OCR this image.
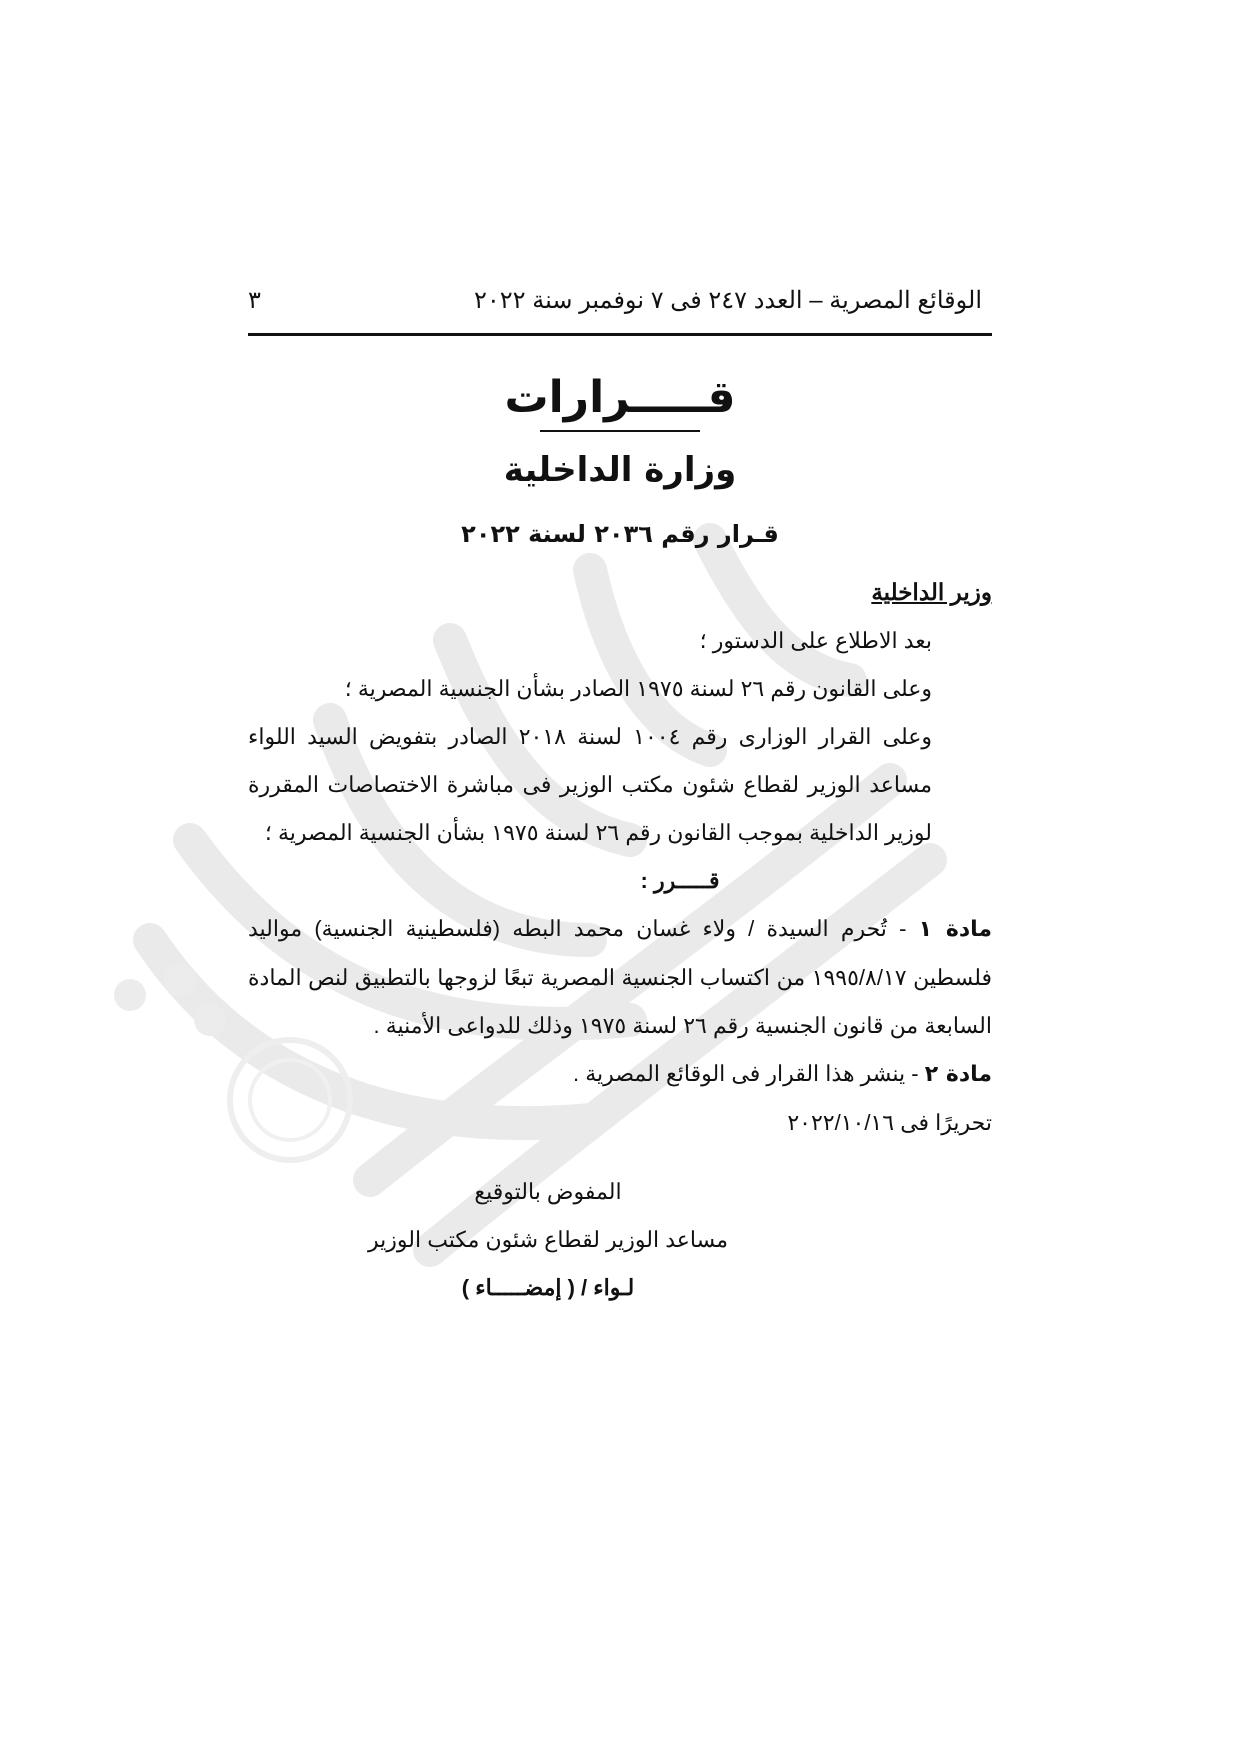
الوقائع المصرية – العدد ٢٤٧ فى ٧ نوفمبر سنة ٢٠٢٢
٣
قـــــرارات
وزارة الداخلية
قـرار رقم ٢٠٣٦ لسنة ٢٠٢٢

وزير الداخلية

بعد الاطلاع على الدستور ؛

وعلى القانون رقم ٢٦ لسنة ١٩٧٥ الصادر بشأن الجنسية المصرية ؛

وعلى القرار الوزارى رقم ١٠٠٤ لسنة ٢٠١٨ الصادر بتفويض السيد اللواء مساعد الوزير لقطاع شئون مكتب الوزير فى مباشرة الاختصاصات المقررة لوزير الداخلية بموجب القانون رقم ٢٦ لسنة ١٩٧٥ بشأن الجنسية المصرية ؛

قـــــرر :

مادة ١ - تُحرم السيدة / ولاء غسان محمد البطه (فلسطينية الجنسية) مواليد فلسطين ١٩٩٥/٨/١٧ من اكتساب الجنسية المصرية تبعًا لزوجها بالتطبيق لنص المادة السابعة من قانون الجنسية رقم ٢٦ لسنة ١٩٧٥ وذلك للدواعى الأمنية .

مادة ٢ - ينشر هذا القرار فى الوقائع المصرية .

تحريرًا فى ٢٠٢٢/١٠/١٦

المفوض بالتوقيع

مساعد الوزير لقطاع شئون مكتب الوزير

لـواء / ( إمضـــــاء )
